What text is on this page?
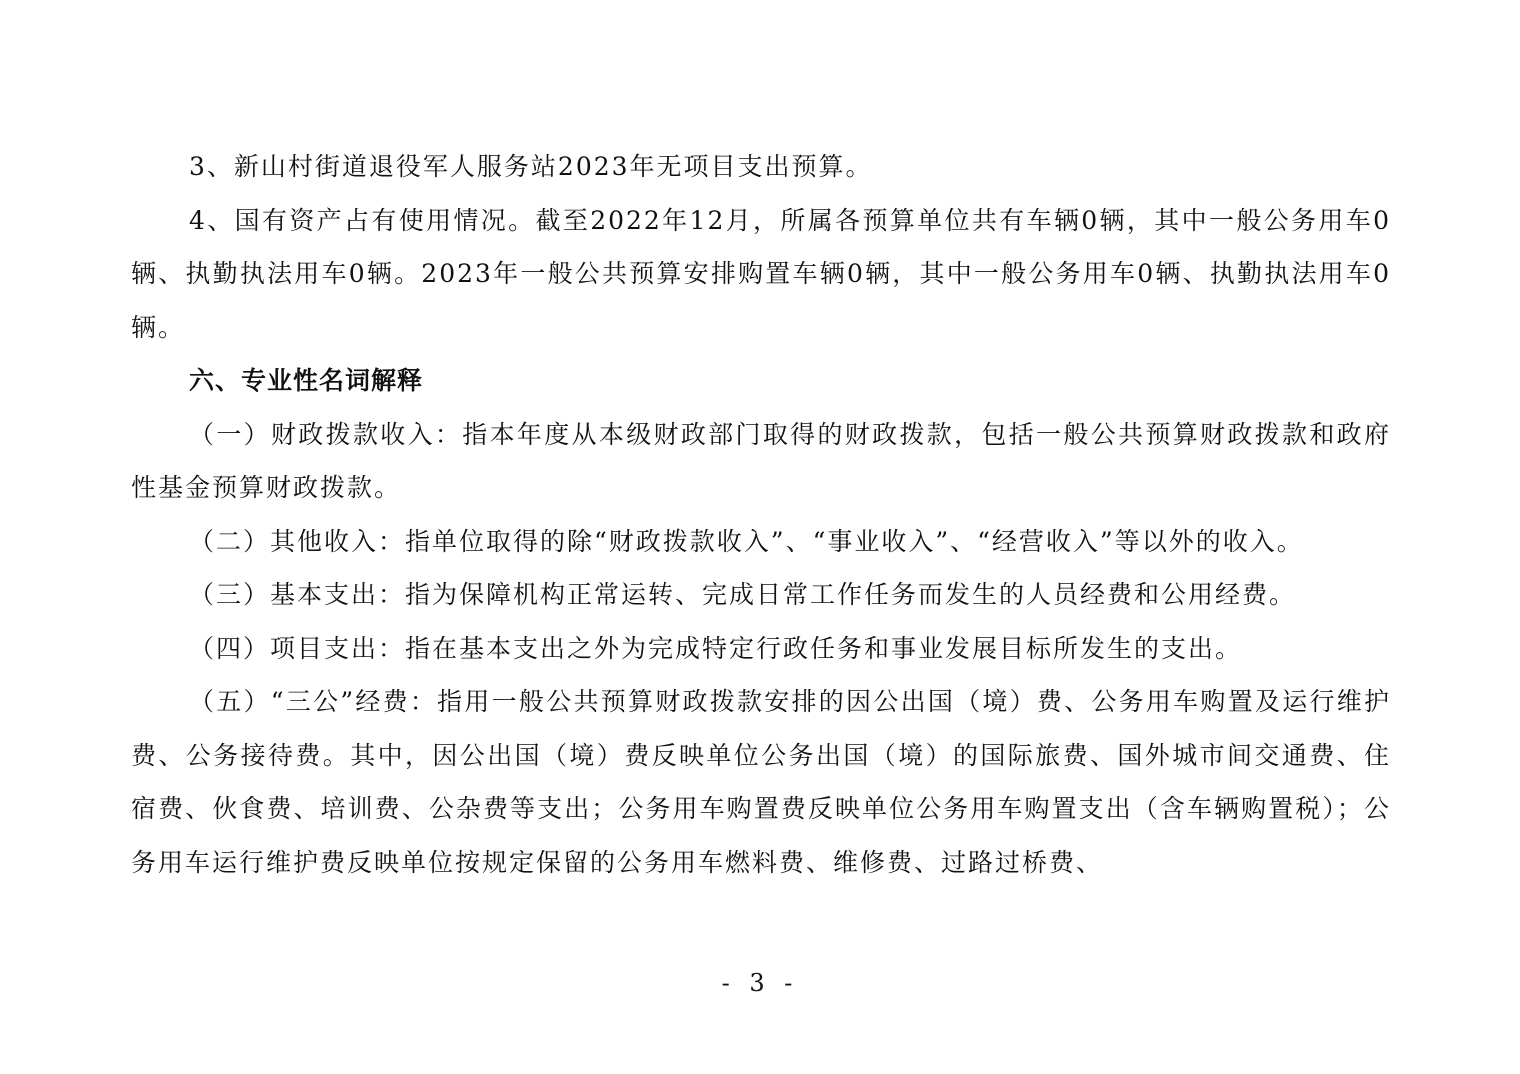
3、新山村街道退役军人服务站2023年无项目支出预算。

4、国有资产占有使用情况。截至2022年12月，所属各预算单位共有车辆0辆，其中一般公务用车0辆、执勤执法用车0辆。2023年一般公共预算安排购置车辆0辆，其中一般公务用车0辆、执勤执法用车0辆。

六、专业性名词解释

（一）财政拨款收入：指本年度从本级财政部门取得的财政拨款，包括一般公共预算财政拨款和政府性基金预算财政拨款。

（二）其他收入：指单位取得的除“财政拨款收入”、“事业收入”、“经营收入”等以外的收入。

（三）基本支出：指为保障机构正常运转、完成日常工作任务而发生的人员经费和公用经费。

（四）项目支出：指在基本支出之外为完成特定行政任务和事业发展目标所发生的支出。

（五）“三公”经费：指用一般公共预算财政拨款安排的因公出国（境）费、公务用车购置及运行维护费、公务接待费。其中，因公出国（境）费反映单位公务出国（境）的国际旅费、国外城市间交通费、住宿费、伙食费、培训费、公杂费等支出；公务用车购置费反映单位公务用车购置支出（含车辆购置税）；公务用车运行维护费反映单位按规定保留的公务用车燃料费、维修费、过路过桥费、

- 3 -
